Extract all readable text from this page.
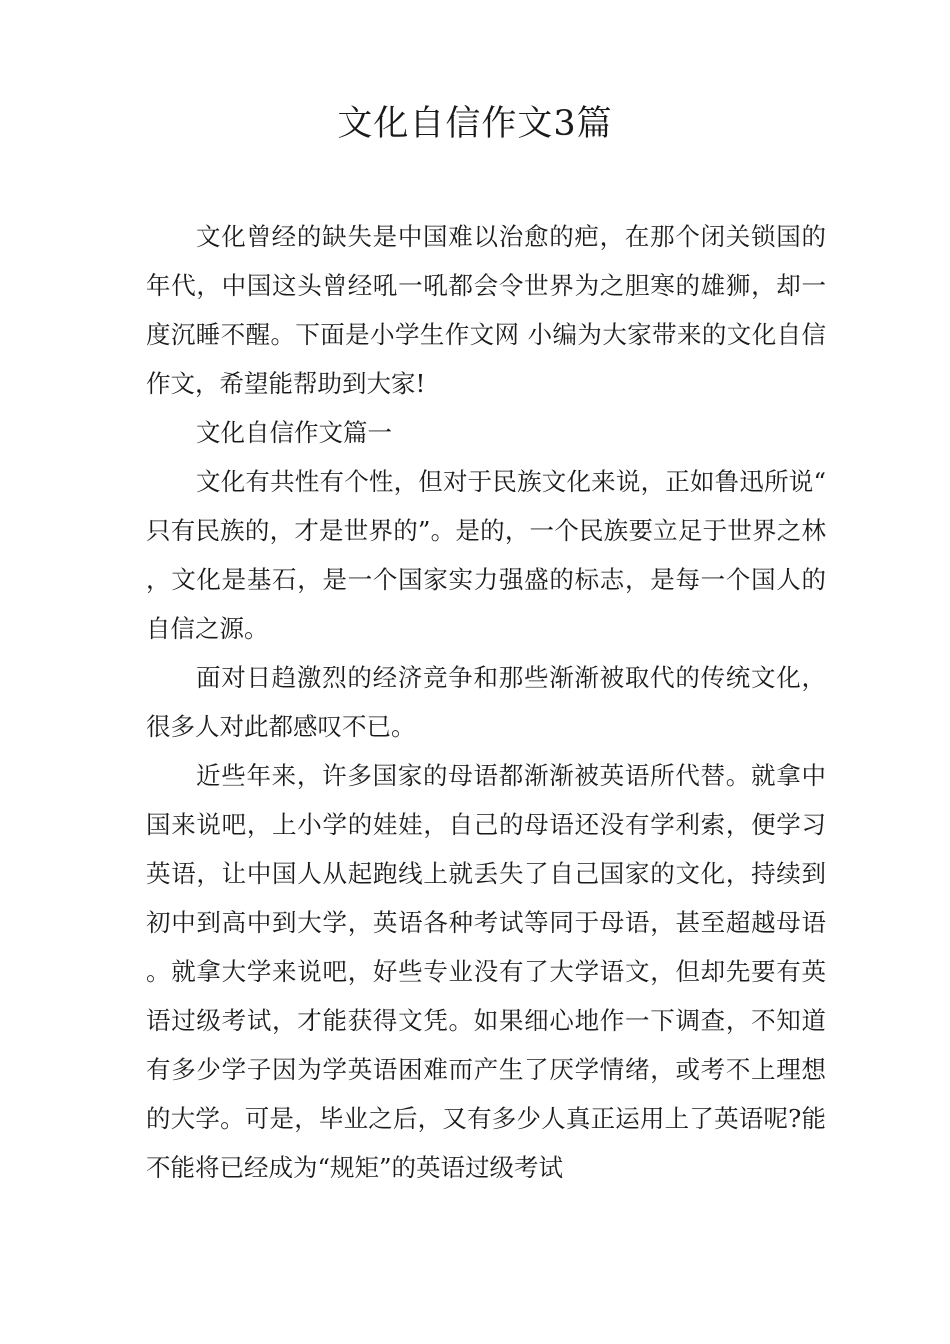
文化自信作文3篇

文化曾经的缺失是中国难以治愈的疤，在那个闭关锁国的年代，中国这头曾经吼一吼都会令世界为之胆寒的雄狮，却一度沉睡不醒。下面是小学生作文网 小编为大家带来的文化自信作文，希望能帮助到大家!

文化自信作文篇一

文化有共性有个性，但对于民族文化来说，正如鲁迅所说“只有民族的，才是世界的”。是的，一个民族要立足于世界之林，文化是基石，是一个国家实力强盛的标志，是每一个国人的自信之源。

面对日趋激烈的经济竞争和那些渐渐被取代的传统文化，很多人对此都感叹不已。

近些年来，许多国家的母语都渐渐被英语所代替。就拿中国来说吧，上小学的娃娃，自己的母语还没有学利索，便学习英语，让中国人从起跑线上就丢失了自己国家的文化，持续到初中到高中到大学，英语各种考试等同于母语，甚至超越母语。就拿大学来说吧，好些专业没有了大学语文，但却先要有英语过级考试，才能获得文凭。如果细心地作一下调查，不知道有多少学子因为学英语困难而产生了厌学情绪，或考不上理想的大学。可是，毕业之后，又有多少人真正运用上了英语呢?能不能将已经成为“规矩”的英语过级考试
